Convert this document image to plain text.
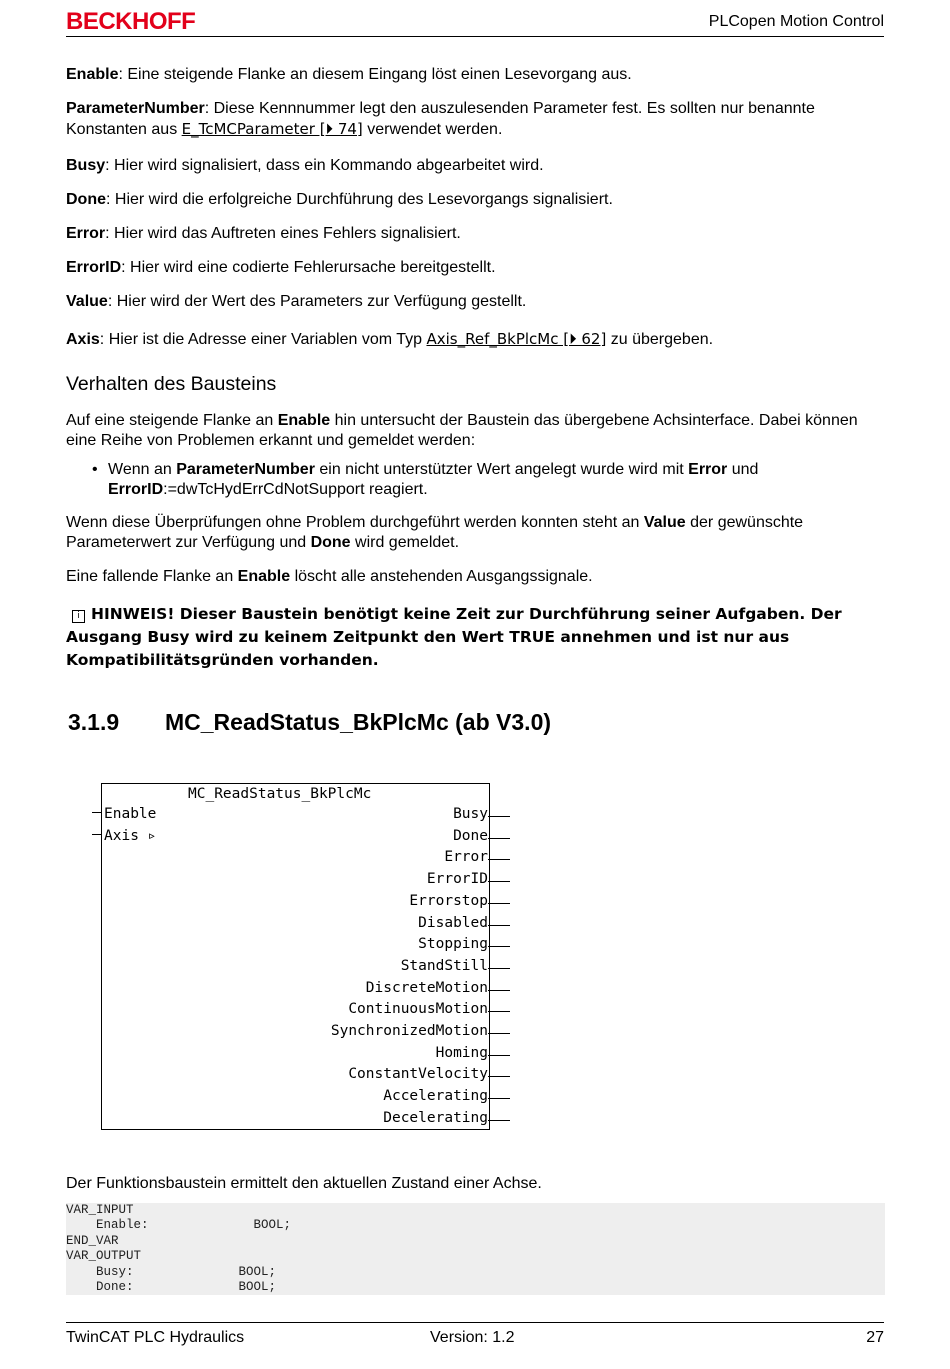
BECKHOFF	PLCopen Motion Control

Enable: Eine steigende Flanke an diesem Eingang löst einen Lesevorgang aus.

ParameterNumber: Diese Kennnummer legt den auszulesenden Parameter fest. Es sollten nur benannte Konstanten aus E_TcMCParameter [⏵ 74] verwendet werden.

Busy: Hier wird signalisiert, dass ein Kommando abgearbeitet wird.

Done: Hier wird die erfolgreiche Durchführung des Lesevorgangs signalisiert.

Error: Hier wird das Auftreten eines Fehlers signalisiert.

ErrorID: Hier wird eine codierte Fehlerursache bereitgestellt.

Value: Hier wird der Wert des Parameters zur Verfügung gestellt.

Axis: Hier ist die Adresse einer Variablen vom Typ Axis_Ref_BkPlcMc [⏵ 62] zu übergeben.

Verhalten des Bausteins

Auf eine steigende Flanke an Enable hin untersucht der Baustein das übergebene Achsinterface. Dabei können eine Reihe von Problemen erkannt und gemeldet werden:

• Wenn an ParameterNumber ein nicht unterstützter Wert angelegt wurde wird mit Error und ErrorID:=dwTcHydErrCdNotSupport reagiert.

Wenn diese Überprüfungen ohne Problem durchgeführt werden konnten steht an Value der gewünschte Parameterwert zur Verfügung und Done wird gemeldet.

Eine fallende Flanke an Enable löscht alle anstehenden Ausgangssignale.

i HINWEIS! Dieser Baustein benötigt keine Zeit zur Durchführung seiner Aufgaben. Der Ausgang Busy wird zu keinem Zeitpunkt den Wert TRUE annehmen und ist nur aus Kompatibilitätsgründen vorhanden.
3.1.9 MC_ReadStatus_BkPlcMc (ab V3.0)
MC_ReadStatus_BkPlcMc
Enable
Axis ▹
Busy
Done
Error
ErrorID
Errorstop
Disabled
Stopping
StandStill
DiscreteMotion
ContinuousMotion
SynchronizedMotion
Homing
ConstantVelocity
Accelerating
Decelerating

Der Funktionsbaustein ermittelt den aktuellen Zustand einer Achse.

VAR_INPUT
Enable:              BOOL;
END_VAR
VAR_OUTPUT
Busy:              BOOL;
Done:              BOOL;
TwinCAT PLC Hydraulics	Version: 1.2	27
